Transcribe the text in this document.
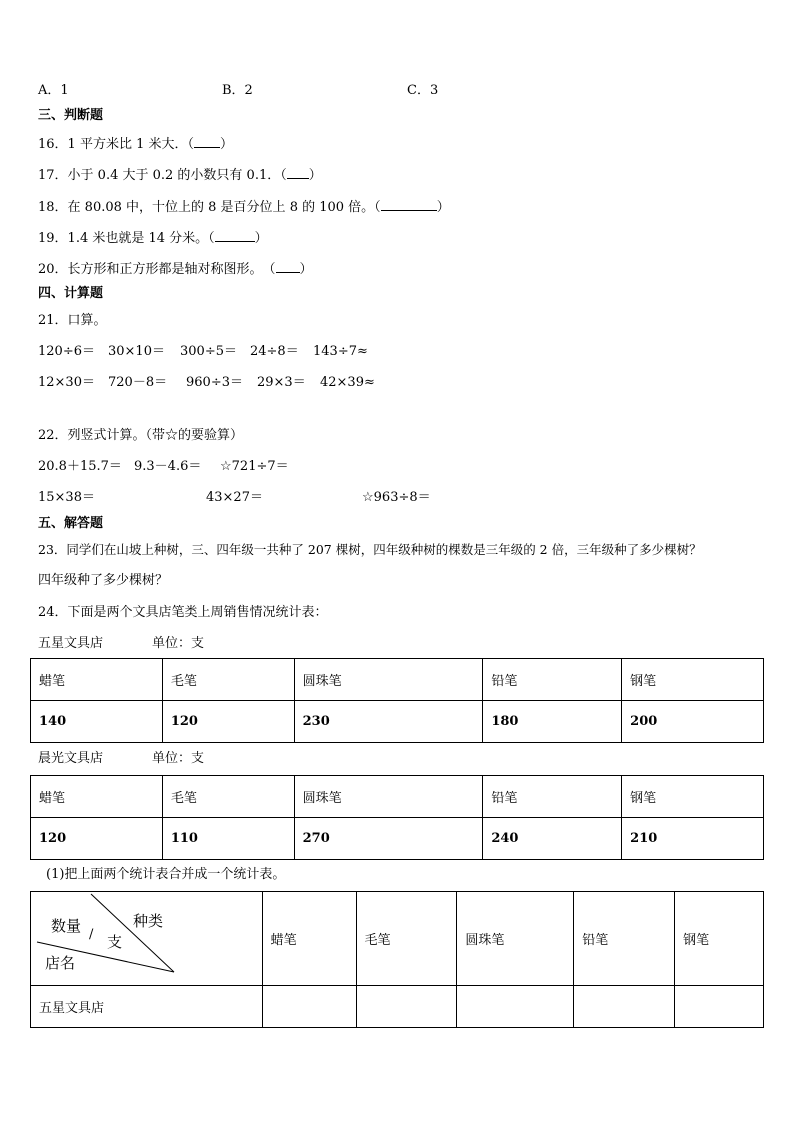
A．1	B．2	C．3
三、判断题
16．1 平方米比 1 米大．（ ）
17．小于 0.4 大于 0.2 的小数只有 0.1．（ ）
18．在 80.08 中，十位上的 8 是百分位上 8 的 100 倍。（	）
19．1.4 米也就是 14 分米。（	）
20．长方形和正方形都是轴对称图形。　（ ）
四、计算题
21．口算。
120÷6＝ 30×10＝ 300÷5＝ 24÷8＝ 143÷7≈
12×30＝ 720－8＝ 960÷3＝ 29×3＝ 42×39≈
22．列竖式计算。（带☆的要验算）
20.8＋15.7＝ 9.3－4.6＝ ☆721÷7＝
15×38＝	43×27＝	☆963÷8＝
五、解答题
23．同学们在山坡上种树，三、四年级一共种了 207 棵树，四年级种树的棵数是三年级的 2 倍，三年级种了多少棵树？
四年级种了多少棵树？
24．下面是两个文具店笔类上周销售情况统计表：
五星文具店	单位：支
蜡笔	毛笔	圆珠笔	铅笔	钢笔
140	120	230	180	200
晨光文具店	单位：支
蜡笔	毛笔	圆珠笔	铅笔	钢笔
120	110	270	240	210
(1)把上面两个统计表合并成一个统计表。
种类
数量 / 支
店名	蜡笔	毛笔	圆珠笔	铅笔	钢笔
五星文具店					
